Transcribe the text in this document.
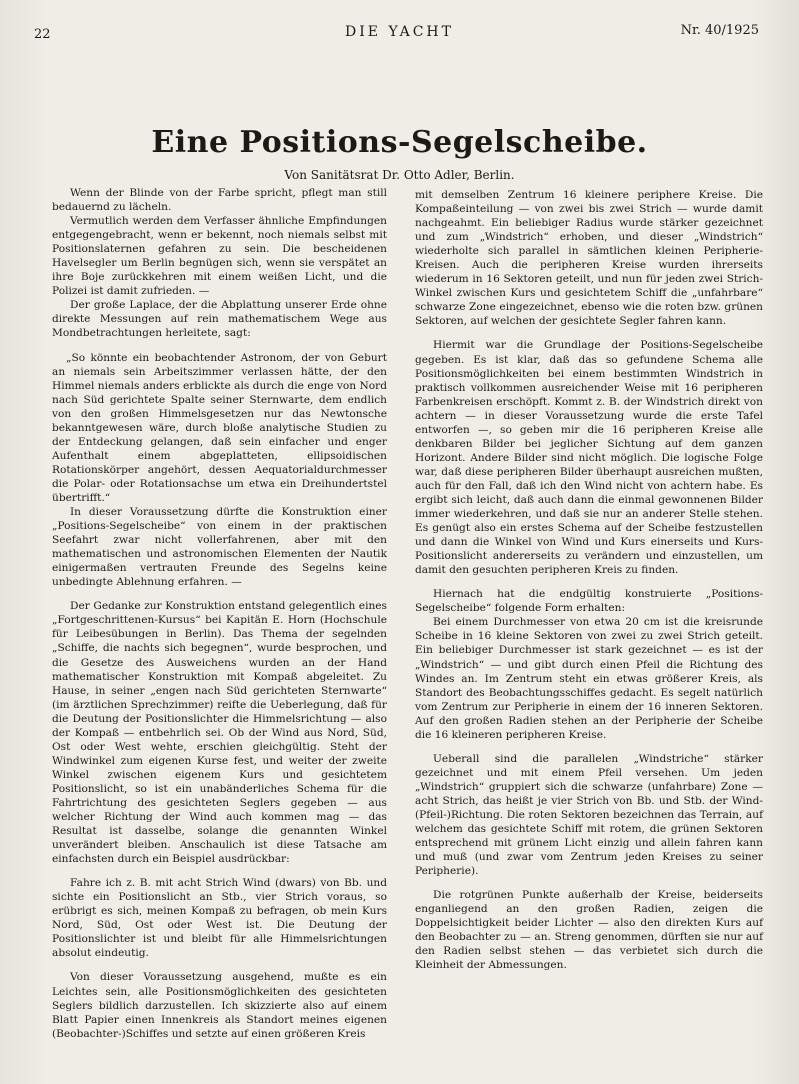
22	DIE YACHT	Nr. 40/1925
Eine Positions-Segelscheibe.
Von Sanitätsrat Dr. Otto Adler, Berlin.

Wenn der Blinde von der Farbe spricht, pflegt man still bedauernd zu lächeln.

Vermutlich werden dem Verfasser ähnliche Empfindungen entgegengebracht, wenn er bekennt, noch niemals selbst mit Positionslaternen gefahren zu sein. Die bescheidenen Havelsegler um Berlin begnügen sich, wenn sie verspätet an ihre Boje zurückkehren mit einem weißen Licht, und die Polizei ist damit zufrieden. —

Der große Laplace, der die Abplattung unserer Erde ohne direkte Messungen auf rein mathematischem Wege aus Mondbetrachtungen herleitete, sagt:

„So könnte ein beobachtender Astronom, der von Geburt an niemals sein Arbeitszimmer verlassen hätte, der den Himmel niemals anders erblickte als durch die enge von Nord nach Süd gerichtete Spalte seiner Sternwarte, dem endlich von den großen Himmelsgesetzen nur das Newtonsche bekanntgewesen wäre, durch bloße analytische Studien zu der Entdeckung gelangen, daß sein einfacher und enger Aufenthalt einem abgeplatteten, ellipsoidischen Rotationskörper angehört, dessen Aequatorialdurchmesser die Polar- oder Rotationsachse um etwa ein Dreihundertstel übertrifft.“

In dieser Voraussetzung dürfte die Konstruktion einer „Positions-Segelscheibe“ von einem in der praktischen Seefahrt zwar nicht vollerfahrenen, aber mit den mathematischen und astronomischen Elementen der Nautik einigermaßen vertrauten Freunde des Segelns keine unbedingte Ablehnung erfahren. —

Der Gedanke zur Konstruktion entstand gelegentlich eines „Fortgeschrittenen-Kursus“ bei Kapitän E. Horn (Hochschule für Leibesübungen in Berlin). Das Thema der segelnden „Schiffe, die nachts sich begegnen“, wurde besprochen, und die Gesetze des Ausweichens wurden an der Hand mathematischer Konstruktion mit Kompaß abgeleitet. Zu Hause, in seiner „engen nach Süd gerichteten Sternwarte“ (im ärztlichen Sprechzimmer) reifte die Ueberlegung, daß für die Deutung der Positionslichter die Himmelsrichtung — also der Kompaß — entbehrlich sei. Ob der Wind aus Nord, Süd, Ost oder West wehte, erschien gleichgültig. Steht der Windwinkel zum eigenen Kurse fest, und weiter der zweite Winkel zwischen eigenem Kurs und gesichtetem Positionslicht, so ist ein unabänderliches Schema für die Fahrtrichtung des gesichteten Seglers gegeben — aus welcher Richtung der Wind auch kommen mag — das Resultat ist dasselbe, solange die genannten Winkel unverändert bleiben. Anschaulich ist diese Tatsache am einfachsten durch ein Beispiel ausdrückbar:

Fahre ich z. B. mit acht Strich Wind (dwars) von Bb. und sichte ein Positionslicht an Stb., vier Strich voraus, so erübrigt es sich, meinen Kompaß zu befragen, ob mein Kurs Nord, Süd, Ost oder West ist. Die Deutung der Positionslichter ist und bleibt für alle Himmelsrichtungen absolut eindeutig.

Von dieser Voraussetzung ausgehend, mußte es ein Leichtes sein, alle Positionsmöglichkeiten des gesichteten Seglers bildlich darzustellen. Ich skizzierte also auf einem Blatt Papier einen Innenkreis als Standort meines eigenen (Beobachter-)Schiffes und setzte auf einen größeren Kreis

mit demselben Zentrum 16 kleinere periphere Kreise. Die Kompaßeinteilung — von zwei bis zwei Strich — wurde damit nachgeahmt. Ein beliebiger Radius wurde stärker gezeichnet und zum „Windstrich“ erhoben, und dieser „Windstrich“ wiederholte sich parallel in sämtlichen kleinen Peripherie-Kreisen. Auch die peripheren Kreise wurden ihrerseits wiederum in 16 Sektoren geteilt, und nun für jeden zwei Strich-Winkel zwischen Kurs und gesichtetem Schiff die „unfahrbare“ schwarze Zone eingezeichnet, ebenso wie die roten bzw. grünen Sektoren, auf welchen der gesichtete Segler fahren kann.

Hiermit war die Grundlage der Positions-Segelscheibe gegeben. Es ist klar, daß das so gefundene Schema alle Positionsmöglichkeiten bei einem bestimmten Windstrich in praktisch vollkommen ausreichender Weise mit 16 peripheren Farbenkreisen erschöpft. Kommt z. B. der Windstrich direkt von achtern — in dieser Voraussetzung wurde die erste Tafel entworfen —, so geben mir die 16 peripheren Kreise alle denkbaren Bilder bei jeglicher Sichtung auf dem ganzen Horizont. Andere Bilder sind nicht möglich. Die logische Folge war, daß diese peripheren Bilder überhaupt ausreichen mußten, auch für den Fall, daß ich den Wind nicht von achtern habe. Es ergibt sich leicht, daß auch dann die einmal gewonnenen Bilder immer wiederkehren, und daß sie nur an anderer Stelle stehen. Es genügt also ein erstes Schema auf der Scheibe festzustellen und dann die Winkel von Wind und Kurs einerseits und Kurs-Positionslicht andererseits zu verändern und einzustellen, um damit den gesuchten peripheren Kreis zu finden.

Hiernach hat die endgültig konstruierte „Positions-Segelscheibe“ folgende Form erhalten:

Bei einem Durchmesser von etwa 20 cm ist die kreisrunde Scheibe in 16 kleine Sektoren von zwei zu zwei Strich geteilt. Ein beliebiger Durchmesser ist stark gezeichnet — es ist der „Windstrich“ — und gibt durch einen Pfeil die Richtung des Windes an. Im Zentrum steht ein etwas größerer Kreis, als Standort des Beobachtungsschiffes gedacht. Es segelt natürlich vom Zentrum zur Peripherie in einem der 16 inneren Sektoren. Auf den großen Radien stehen an der Peripherie der Scheibe die 16 kleineren peripheren Kreise.

Ueberall sind die parallelen „Windstriche“ stärker gezeichnet und mit einem Pfeil versehen. Um jeden „Windstrich“ gruppiert sich die schwarze (unfahrbare) Zone — acht Strich, das heißt je vier Strich von Bb. und Stb. der Wind-(Pfeil-)Richtung. Die roten Sektoren bezeichnen das Terrain, auf welchem das gesichtete Schiff mit rotem, die grünen Sektoren entsprechend mit grünem Licht einzig und allein fahren kann und muß (und zwar vom Zentrum jeden Kreises zu seiner Peripherie).

Die rotgrünen Punkte außerhalb der Kreise, beiderseits enganliegend an den großen Radien, zeigen die Doppelsichtigkeit beider Lichter — also den direkten Kurs auf den Beobachter zu — an. Streng genommen, dürften sie nur auf den Radien selbst stehen — das verbietet sich durch die Kleinheit der Abmessungen.
